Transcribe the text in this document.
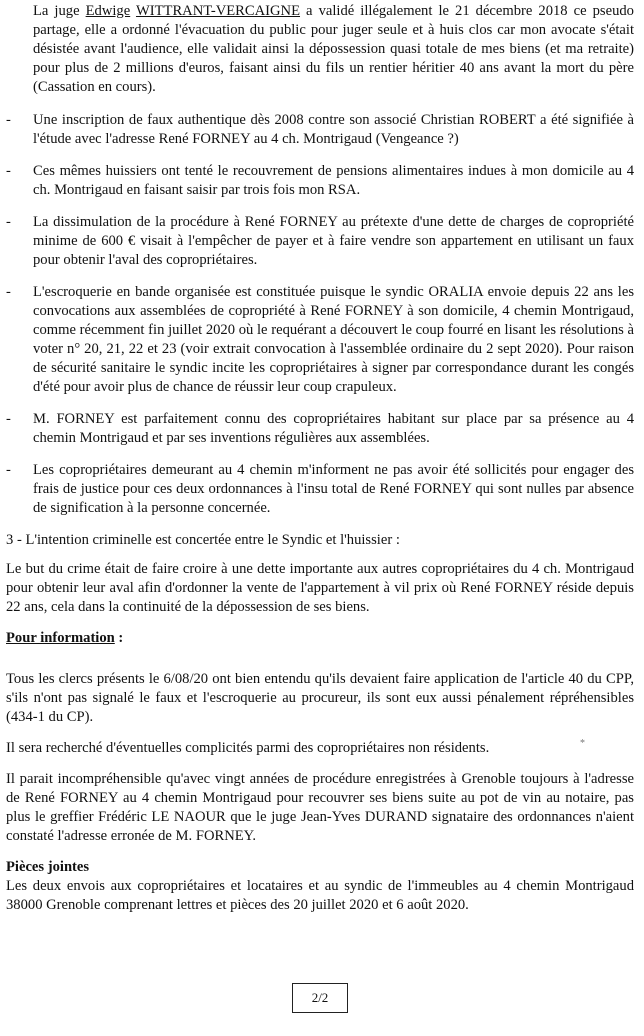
La juge Edwige WITTRANT-VERCAIGNE a validé illégalement le 21 décembre 2018 ce pseudo partage, elle a ordonné l'évacuation du public pour juger seule et à huis clos car mon avocate s'était désistée avant l'audience, elle validait ainsi la dépossession quasi totale de mes biens (et ma retraite) pour plus de 2 millions d'euros, faisant ainsi du fils un rentier héritier 40 ans avant la mort du père (Cassation en cours).

- Une inscription de faux authentique dès 2008 contre son associé Christian ROBERT a été signifiée à l'étude avec l'adresse René FORNEY au 4 ch. Montrigaud (Vengeance ?)

- Ces mêmes huissiers ont tenté le recouvrement de pensions alimentaires indues à mon domicile au 4 ch. Montrigaud en faisant saisir par trois fois mon RSA.

- La dissimulation de la procédure à René FORNEY au prétexte d'une dette de charges de copropriété minime de 600 € visait à l'empêcher de payer et à faire vendre son appartement en utilisant un faux pour obtenir l'aval des copropriétaires.

- L'escroquerie en bande organisée est constituée puisque le syndic ORALIA envoie depuis 22 ans les convocations aux assemblées de copropriété à René FORNEY à son domicile, 4 chemin Montrigaud, comme récemment fin juillet 2020 où le requérant a découvert le coup fourré en lisant les résolutions à voter n° 20, 21, 22 et 23 (voir extrait convocation à l'assemblée ordinaire du 2 sept 2020). Pour raison de sécurité sanitaire le syndic incite les copropriétaires à signer par correspondance durant les congés d'été pour avoir plus de chance de réussir leur coup crapuleux.

- M. FORNEY est parfaitement connu des copropriétaires habitant sur place par sa présence au 4 chemin Montrigaud et par ses inventions régulières aux assemblées.

- Les copropriétaires demeurant au 4 chemin m'informent ne pas avoir été sollicités pour engager des frais de justice pour ces deux ordonnances à l'insu total de René FORNEY qui sont nulles par absence de signification à la personne concernée.

3 - L'intention criminelle est concertée entre le Syndic et l'huissier :

Le but du crime était de faire croire à une dette importante aux autres copropriétaires du 4 ch. Montrigaud pour obtenir leur aval afin d'ordonner la vente de l'appartement à vil prix où René FORNEY réside depuis 22 ans, cela dans la continuité de la dépossession de ses biens.

Pour information :

Tous les clercs présents le 6/08/20 ont bien entendu qu'ils devaient faire application de l'article 40 du CPP, s'ils n'ont pas signalé le faux et l'escroquerie au procureur, ils sont eux aussi pénalement répréhensibles (434-1 du CP).

Il sera recherché d'éventuelles complicités parmi des copropriétaires non résidents.

Il parait incompréhensible qu'avec vingt années de procédure enregistrées à Grenoble toujours à l'adresse de René FORNEY au 4 chemin Montrigaud pour recouvrer ses biens suite au pot de vin au notaire, pas plus le greffier Frédéric LE NAOUR que le juge Jean-Yves DURAND signataire des ordonnances n'aient constaté l'adresse erronée de M. FORNEY.

Pièces jointes

Les deux envois aux copropriétaires et locataires et au syndic de l'immeubles au 4 chemin Montrigaud 38000 Grenoble comprenant lettres et pièces des 20 juillet 2020 et 6 août 2020.

*
2/2
